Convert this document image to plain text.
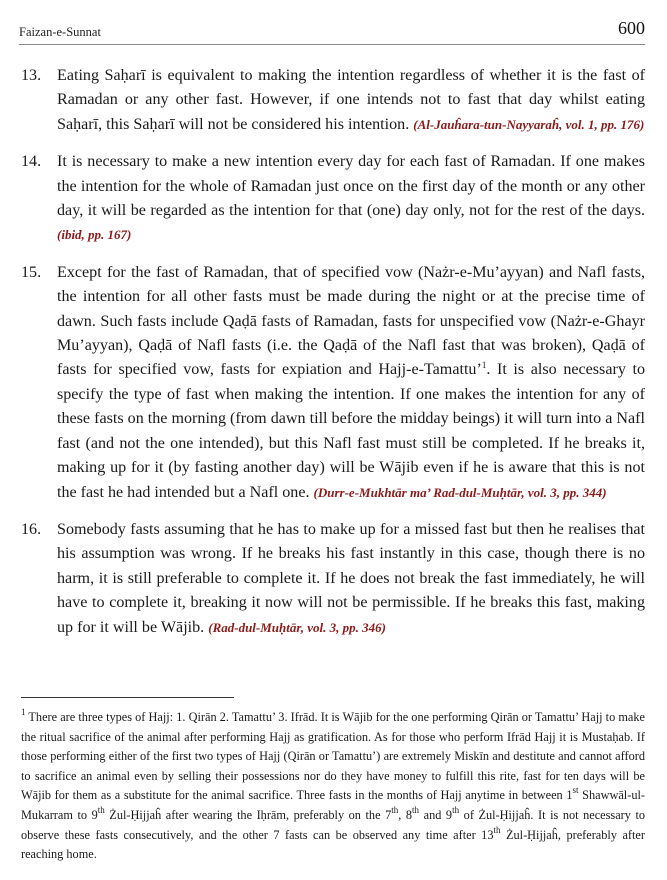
Faizan-e-Sunnat	600
13. Eating Saḥarī is equivalent to making the intention regardless of whether it is the fast of Ramadan or any other fast. However, if one intends not to fast that day whilst eating Saḥarī, this Saḥarī will not be considered his intention. (Al-Jauĥara-tun-Nayyaraĥ, vol. 1, pp. 176)
14. It is necessary to make a new intention every day for each fast of Ramadan. If one makes the intention for the whole of Ramadan just once on the first day of the month or any other day, it will be regarded as the intention for that (one) day only, not for the rest of the days. (ibid, pp. 167)
15. Except for the fast of Ramadan, that of specified vow (Nażr-e-Mu’ayyan) and Nafl fasts, the intention for all other fasts must be made during the night or at the precise time of dawn. Such fasts include Qaḍā fasts of Ramadan, fasts for unspecified vow (Nażr-e-Ghayr Mu’ayyan), Qaḍā of Nafl fasts (i.e. the Qaḍā of the Nafl fast that was broken), Qaḍā of fasts for specified vow, fasts for expiation and Hajj-e-Tamattu’$^1$. It is also necessary to specify the type of fast when making the intention. If one makes the intention for any of these fasts on the morning (from dawn till before the midday beings) it will turn into a Nafl fast (and not the one intended), but this Nafl fast must still be completed. If he breaks it, making up for it (by fasting another day) will be Wājib even if he is aware that this is not the fast he had intended but a Nafl one. (Durr-e-Mukhtār ma’ Rad-dul-Muḥtār, vol. 3, pp. 344)
16. Somebody fasts assuming that he has to make up for a missed fast but then he realises that his assumption was wrong. If he breaks his fast instantly in this case, though there is no harm, it is still preferable to complete it. If he does not break the fast immediately, he will have to complete it, breaking it now will not be permissible. If he breaks this fast, making up for it will be Wājib. (Rad-dul-Muḥtār, vol. 3, pp. 346)
$^1$ There are three types of Hajj: 1. Qirān 2. Tamattu’ 3. Ifrād. It is Wājib for the one performing Qirān or Tamattu’ Hajj to make the ritual sacrifice of the animal after performing Hajj as gratification. As for those who perform Ifrād Hajj it is Mustaḥab. If those performing either of the first two types of Hajj (Qirān or Tamattu’) are extremely Miskīn and destitute and cannot afford to sacrifice an animal even by selling their possessions nor do they have money to fulfill this rite, fast for ten days will be Wājib for them as a substitute for the animal sacrifice. Three fasts in the months of Hajj anytime in between 1st Shawwāl-ul-Mukarram to 9th Żul-Ḥijjaĥ after wearing the Iḥrām, preferably on the 7th, 8th and 9th of Żul-Ḥijjaĥ. It is not necessary to observe these fasts consecutively, and the other 7 fasts can be observed any time after 13th Żul-Ḥijjaĥ, preferably after reaching home.
